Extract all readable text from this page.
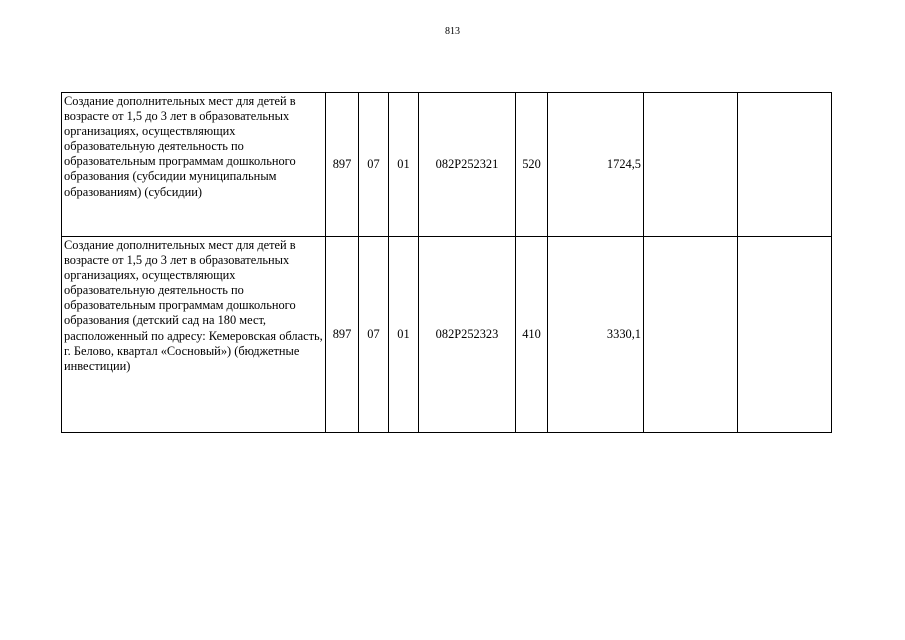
813
Создание дополнительных мест для детей в возрасте от 1,5 до 3 лет в образовательных организациях, осуществляющих образовательную деятельность по образовательным программам дошкольного образования (субсидии муниципальным образованиям) (субсидии)	897	07	01	082P252321	520	1724,5		
Создание дополнительных мест для детей в возрасте от 1,5 до 3 лет в образовательных организациях, осуществляющих образовательную деятельность по образовательным программам дошкольного образования (детский сад на 180 мест, расположенный по адресу: Кемеровская область, г. Белово, квартал «Сосновый») (бюджетные инвестиции)	897	07	01	082Р252323	410	3330,1		
